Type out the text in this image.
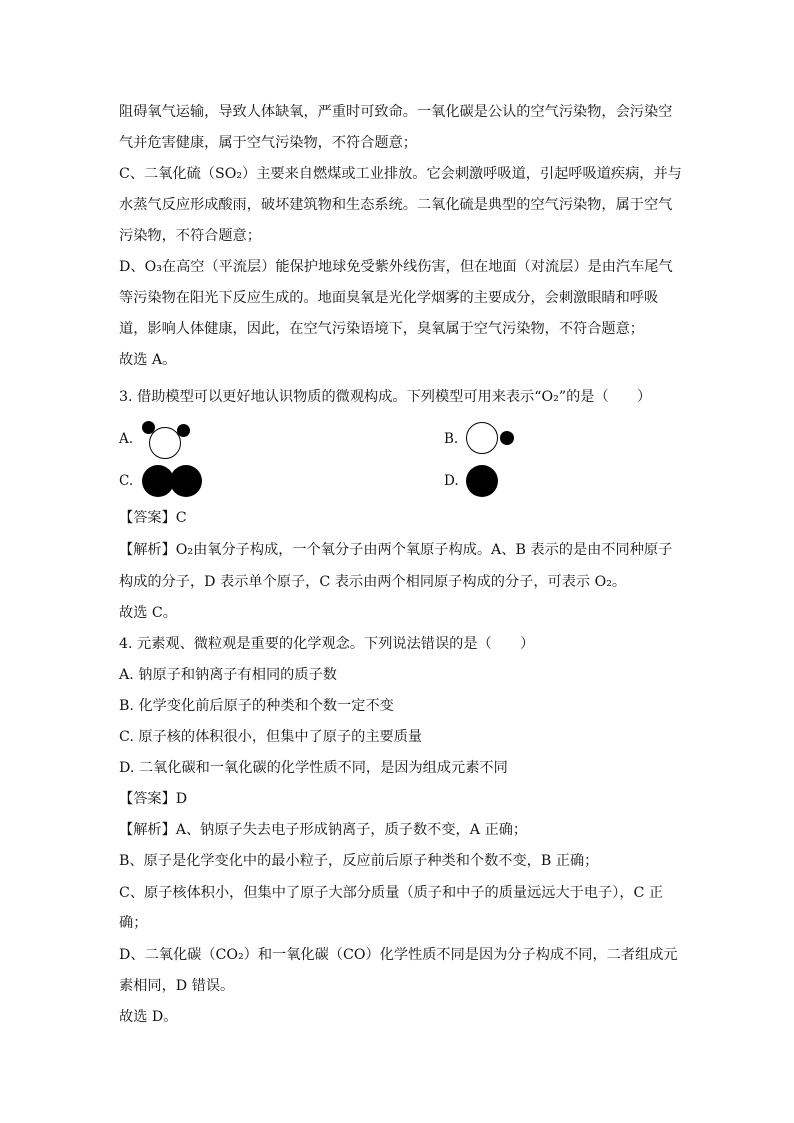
阻碍氧气运输，导致人体缺氧，严重时可致命。一氧化碳是公认的空气污染物，会污染空
气并危害健康，属于空气污染物，不符合题意；
C、二氧化硫（SO₂）主要来自燃煤或工业排放。它会刺激呼吸道，引起呼吸道疾病，并与
水蒸气反应形成酸雨，破坏建筑物和生态系统。二氧化硫是典型的空气污染物，属于空气
污染物，不符合题意；
D、O₃在高空（平流层）能保护地球免受紫外线伤害，但在地面（对流层）是由汽车尾气
等污染物在阳光下反应生成的。地面臭氧是光化学烟雾的主要成分，会刺激眼睛和呼吸
道，影响人体健康，因此，在空气污染语境下，臭氧属于空气污染物，不符合题意；
故选 A。
3. 借助模型可以更好地认识物质的微观构成。下列模型可用来表示“O₂”的是（　　）
A.	B.
C.	D.
【答案】C
【解析】O₂由氧分子构成，一个氧分子由两个氧原子构成。A、B 表示的是由不同种原子
构成的分子，D 表示单个原子，C 表示由两个相同原子构成的分子，可表示 O₂。
故选 C。
4. 元素观、微粒观是重要的化学观念。下列说法错误的是（　　）
A. 钠原子和钠离子有相同的质子数
B. 化学变化前后原子的种类和个数一定不变
C. 原子核的体积很小，但集中了原子的主要质量
D. 二氧化碳和一氧化碳的化学性质不同，是因为组成元素不同
【答案】D
【解析】A、钠原子失去电子形成钠离子，质子数不变，A 正确；
B、原子是化学变化中的最小粒子，反应前后原子种类和个数不变，B 正确；
C、原子核体积小，但集中了原子大部分质量（质子和中子的质量远远大于电子），C 正
确；
D、二氧化碳（CO₂）和一氧化碳（CO）化学性质不同是因为分子构成不同，二者组成元
素相同，D 错误。
故选 D。
